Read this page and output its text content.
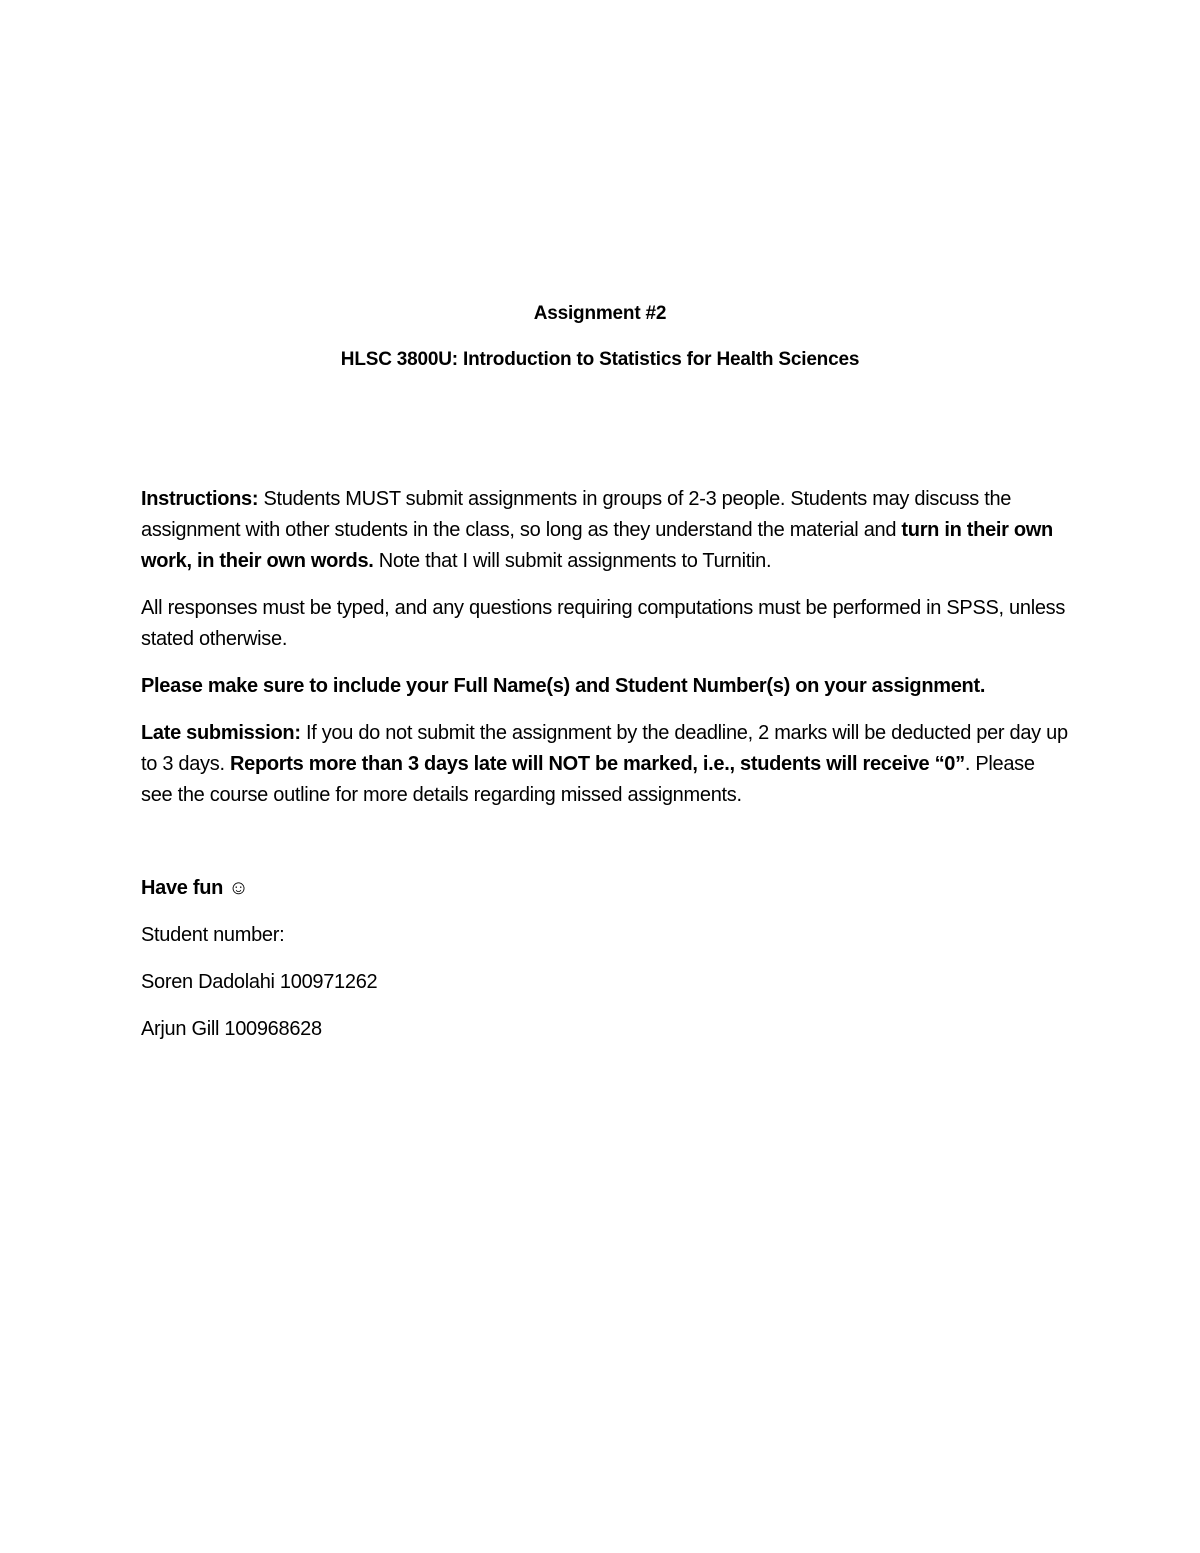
Assignment #2
HLSC 3800U: Introduction to Statistics for Health Sciences
Instructions: Students MUST submit assignments in groups of 2-3 people. Students may discuss the assignment with other students in the class, so long as they understand the material and turn in their own work, in their own words. Note that I will submit assignments to Turnitin.
All responses must be typed, and any questions requiring computations must be performed in SPSS, unless stated otherwise.
Please make sure to include your Full Name(s) and Student Number(s) on your assignment.
Late submission: If you do not submit the assignment by the deadline, 2 marks will be deducted per day up to 3 days. Reports more than 3 days late will NOT be marked, i.e., students will receive “0”. Please see the course outline for more details regarding missed assignments.
Have fun ☺
Student number:
Soren Dadolahi 100971262
Arjun Gill 100968628
